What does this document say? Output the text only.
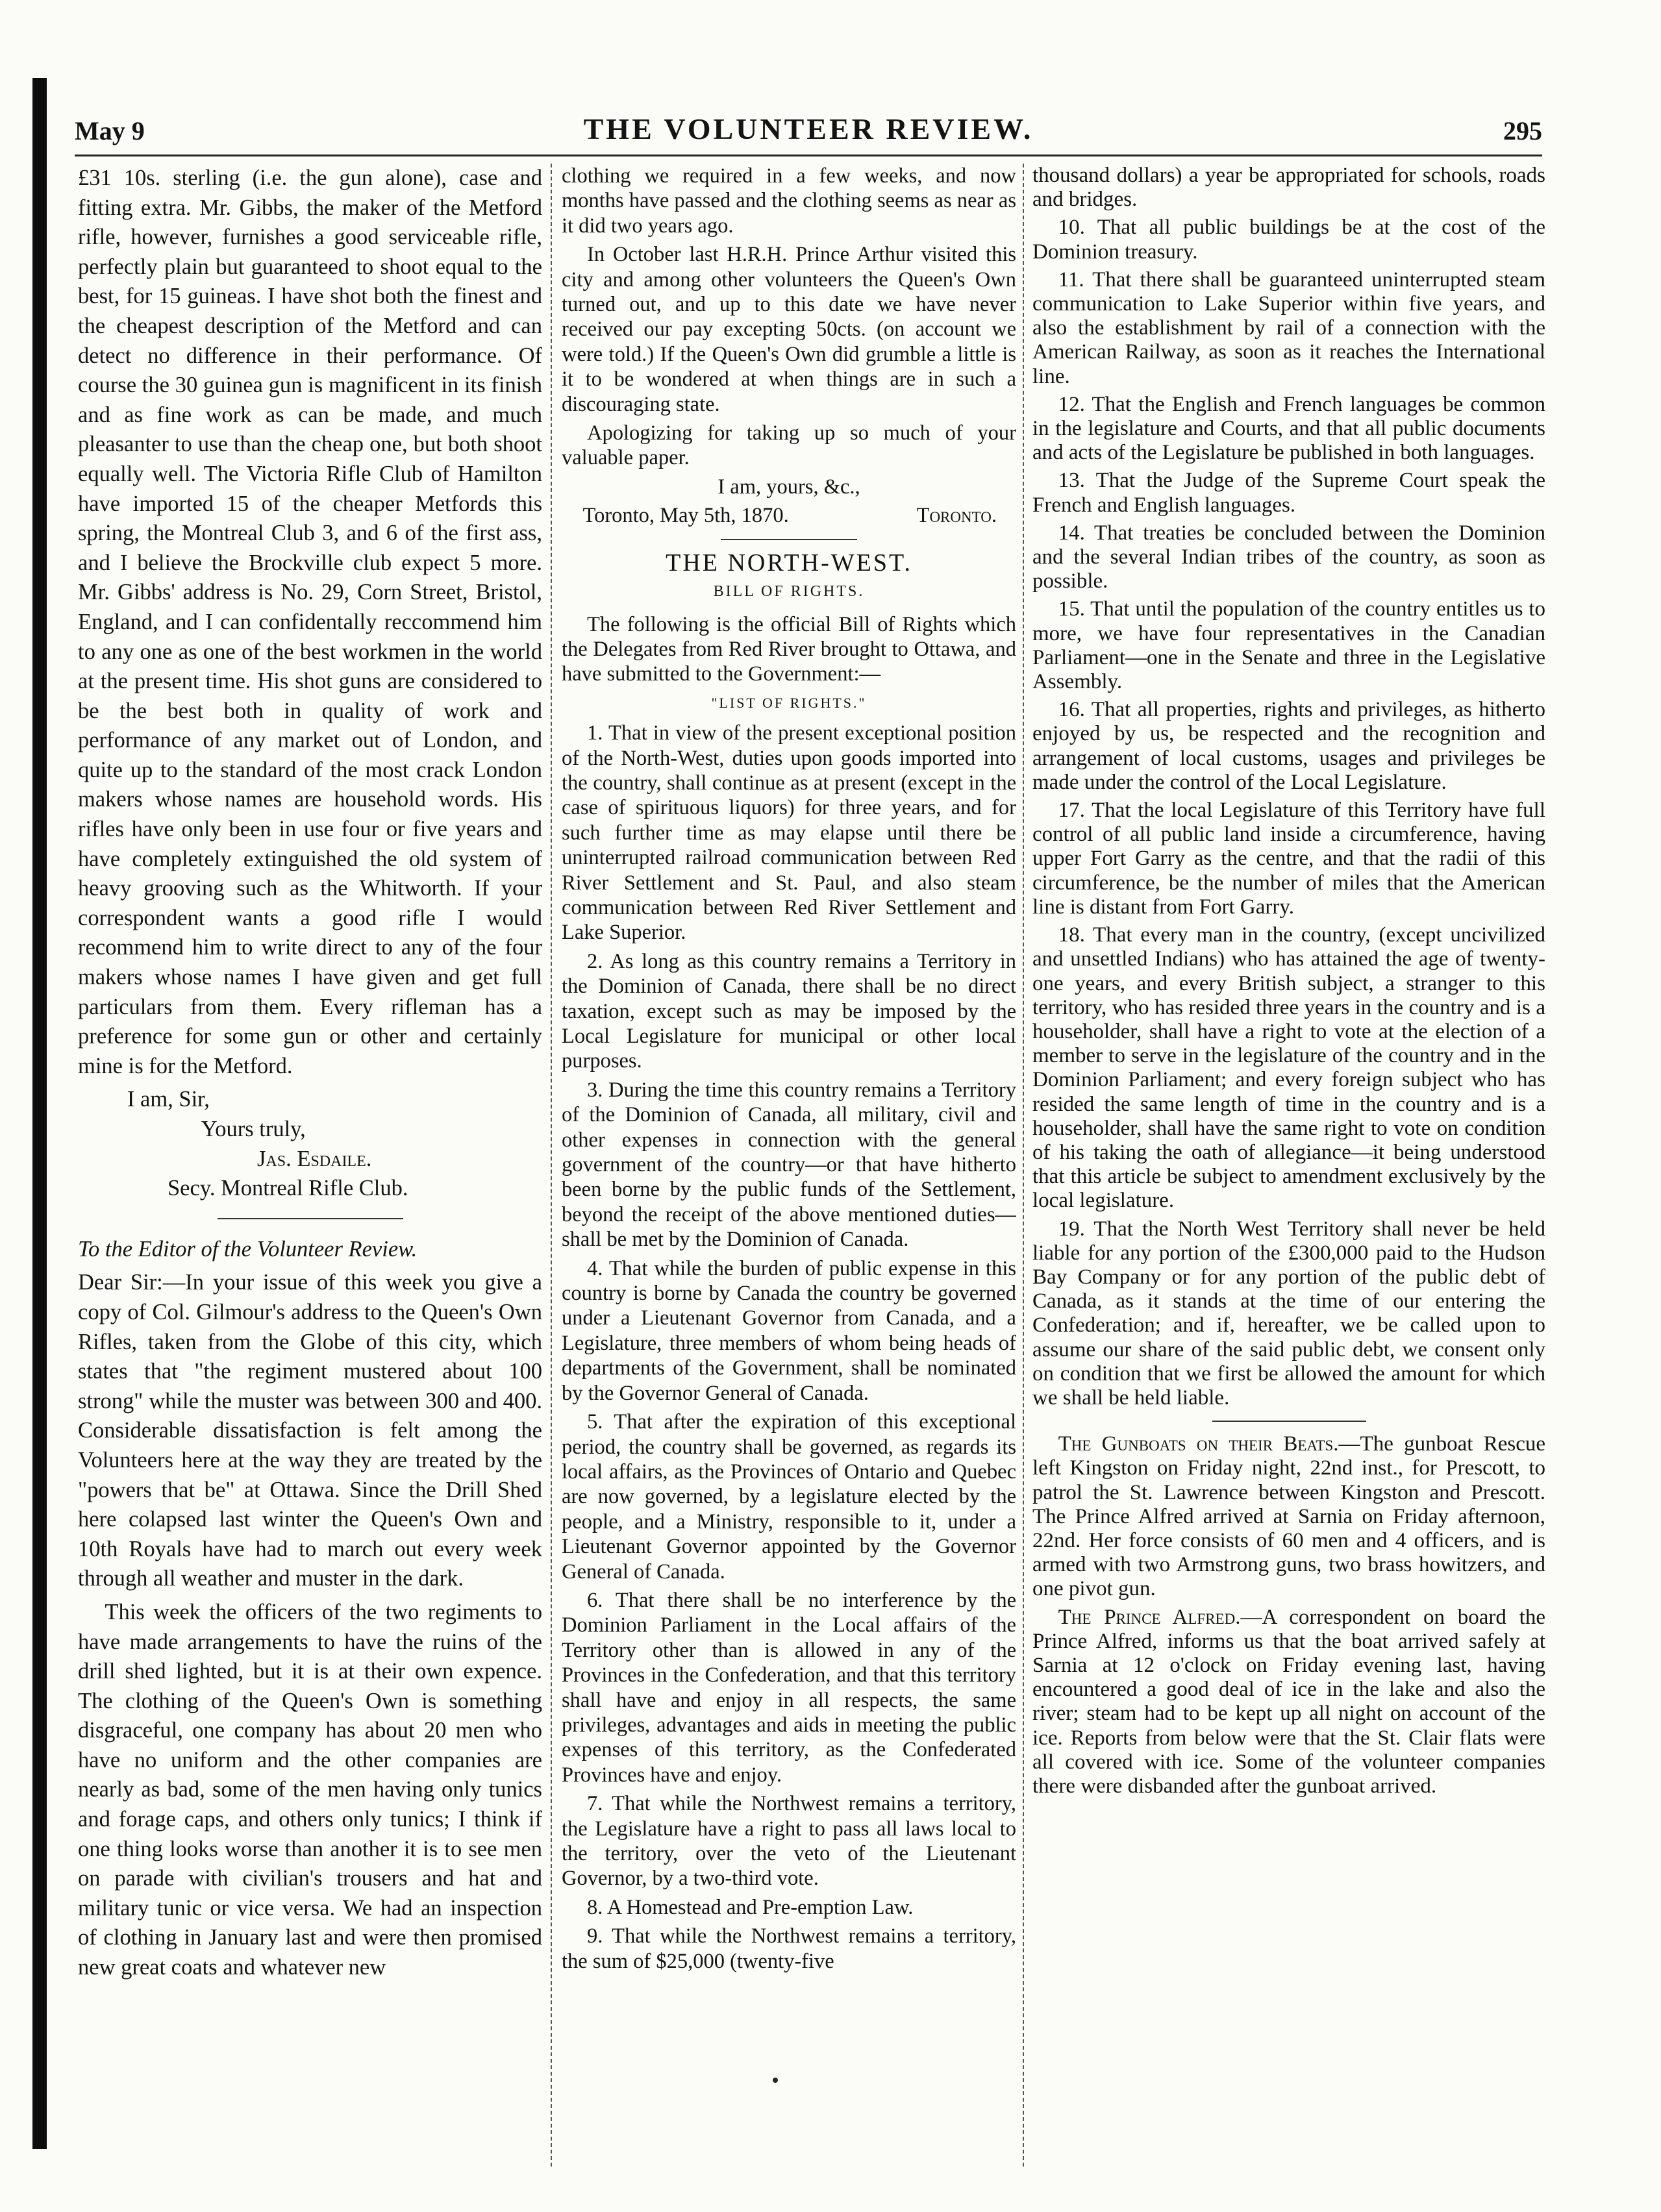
May 9	THE VOLUNTEER REVIEW.	295

£31 10s. sterling (i.e. the gun alone), case and fitting extra. Mr. Gibbs, the maker of the Metford rifle, however, furnishes a good serviceable rifle, perfectly plain but guaranteed to shoot equal to the best, for 15 guineas. I have shot both the finest and the cheapest description of the Metford and can detect no difference in their performance. Of course the 30 guinea gun is magnificent in its finish and as fine work as can be made, and much pleasanter to use than the cheap one, but both shoot equally well. The Victoria Rifle Club of Hamilton have imported 15 of the cheaper Metfords this spring, the Montreal Club 3, and 6 of the first ass, and I believe the Brockville club expect 5 more. Mr. Gibbs' address is No. 29, Corn Street, Bristol, England, and I can confidentally reccommend him to any one as one of the best workmen in the world at the present time. His shot guns are considered to be the best both in quality of work and performance of any market out of London, and quite up to the standard of the most crack London makers whose names are household words. His rifles have only been in use four or five years and have completely extinguished the old system of heavy grooving such as the Whitworth. If your correspondent wants a good rifle I would recommend him to write direct to any of the four makers whose names I have given and get full particulars from them. Every rifleman has a preference for some gun or other and certainly mine is for the Metford.

I am, Sir,

Yours truly,

Jas. Esdaile.

Secy. Montreal Rifle Club.

To the Editor of the Volunteer Review.

Dear Sir:—In your issue of this week you give a copy of Col. Gilmour's address to the Queen's Own Rifles, taken from the Globe of this city, which states that "the regiment mustered about 100 strong" while the muster was between 300 and 400. Considerable dissatisfaction is felt among the Volunteers here at the way they are treated by the "powers that be" at Ottawa. Since the Drill Shed here colapsed last winter the Queen's Own and 10th Royals have had to march out every week through all weather and muster in the dark.

This week the officers of the two regiments to have made arrangements to have the ruins of the drill shed lighted, but it is at their own expence. The clothing of the Queen's Own is something disgraceful, one company has about 20 men who have no uniform and the other companies are nearly as bad, some of the men having only tunics and forage caps, and others only tunics; I think if one thing looks worse than another it is to see men on parade with civilian's trousers and hat and military tunic or vice versa. We had an inspection of clothing in January last and were then promised new great coats and whatever new

clothing we required in a few weeks, and now months have passed and the clothing seems as near as it did two years ago.

In October last H.R.H. Prince Arthur visited this city and among other volunteers the Queen's Own turned out, and up to this date we have never received our pay excepting 50cts. (on account we were told.) If the Queen's Own did grumble a little is it to be wondered at when things are in such a discouraging state.

Apologizing for taking up so much of your valuable paper.

I am, yours, &c.,

Toronto, May 5th, 1870.	Toronto.

THE NORTH-WEST.
BILL OF RIGHTS.

The following is the official Bill of Rights which the Delegates from Red River brought to Ottawa, and have submitted to the Government:—

"LIST OF RIGHTS."

1. That in view of the present exceptional position of the North-West, duties upon goods imported into the country, shall continue as at present (except in the case of spirituous liquors) for three years, and for such further time as may elapse until there be uninterrupted railroad communication between Red River Settlement and St. Paul, and also steam communication between Red River Settlement and Lake Superior.

2. As long as this country remains a Territory in the Dominion of Canada, there shall be no direct taxation, except such as may be imposed by the Local Legislature for municipal or other local purposes.

3. During the time this country remains a Territory of the Dominion of Canada, all military, civil and other expenses in connection with the general government of the country—or that have hitherto been borne by the public funds of the Settlement, beyond the receipt of the above mentioned duties—shall be met by the Dominion of Canada.

4. That while the burden of public expense in this country is borne by Canada the country be governed under a Lieutenant Governor from Canada, and a Legislature, three members of whom being heads of departments of the Government, shall be nominated by the Governor General of Canada.

5. That after the expiration of this exceptional period, the country shall be governed, as regards its local affairs, as the Provinces of Ontario and Quebec are now governed, by a legislature elected by the people, and a Ministry, responsible to it, under a Lieutenant Governor appointed by the Governor General of Canada.

6. That there shall be no interference by the Dominion Parliament in the Local affairs of the Territory other than is allowed in any of the Provinces in the Confederation, and that this territory shall have and enjoy in all respects, the same privileges, advantages and aids in meeting the public expenses of this territory, as the Confederated Provinces have and enjoy.

7. That while the Northwest remains a territory, the Legislature have a right to pass all laws local to the territory, over the veto of the Lieutenant Governor, by a two-third vote.

8. A Homestead and Pre-emption Law.

9. That while the Northwest remains a territory, the sum of $25,000 (twenty-five

thousand dollars) a year be appropriated for schools, roads and bridges.

10. That all public buildings be at the cost of the Dominion treasury.

11. That there shall be guaranteed uninterrupted steam communication to Lake Superior within five years, and also the establishment by rail of a connection with the American Railway, as soon as it reaches the International line.

12. That the English and French languages be common in the legislature and Courts, and that all public documents and acts of the Legislature be published in both languages.

13. That the Judge of the Supreme Court speak the French and English languages.

14. That treaties be concluded between the Dominion and the several Indian tribes of the country, as soon as possible.

15. That until the population of the country entitles us to more, we have four representatives in the Canadian Parliament—one in the Senate and three in the Legislative Assembly.

16. That all properties, rights and privileges, as hitherto enjoyed by us, be respected and the recognition and arrangement of local customs, usages and privileges be made under the control of the Local Legislature.

17. That the local Legislature of this Territory have full control of all public land inside a circumference, having upper Fort Garry as the centre, and that the radii of this circumference, be the number of miles that the American line is distant from Fort Garry.

18. That every man in the country, (except uncivilized and unsettled Indians) who has attained the age of twenty-one years, and every British subject, a stranger to this territory, who has resided three years in the country and is a householder, shall have a right to vote at the election of a member to serve in the legislature of the country and in the Dominion Parliament; and every foreign subject who has resided the same length of time in the country and is a householder, shall have the same right to vote on condition of his taking the oath of allegiance—it being understood that this article be subject to amendment exclusively by the local legislature.

19. That the North West Territory shall never be held liable for any portion of the £300,000 paid to the Hudson Bay Company or for any portion of the public debt of Canada, as it stands at the time of our entering the Confederation; and if, hereafter, we be called upon to assume our share of the said public debt, we consent only on condition that we first be allowed the amount for which we shall be held liable.

The Gunboats on their Beats.—The gunboat Rescue left Kingston on Friday night, 22nd inst., for Prescott, to patrol the St. Lawrence between Kingston and Prescott. The Prince Alfred arrived at Sarnia on Friday afternoon, 22nd. Her force consists of 60 men and 4 officers, and is armed with two Armstrong guns, two brass howitzers, and one pivot gun.

The Prince Alfred.—A correspondent on board the Prince Alfred, informs us that the boat arrived safely at Sarnia at 12 o'clock on Friday evening last, having encountered a good deal of ice in the lake and also the river; steam had to be kept up all night on account of the ice. Reports from below were that the St. Clair flats were all covered with ice. Some of the volunteer companies there were disbanded after the gunboat arrived.
